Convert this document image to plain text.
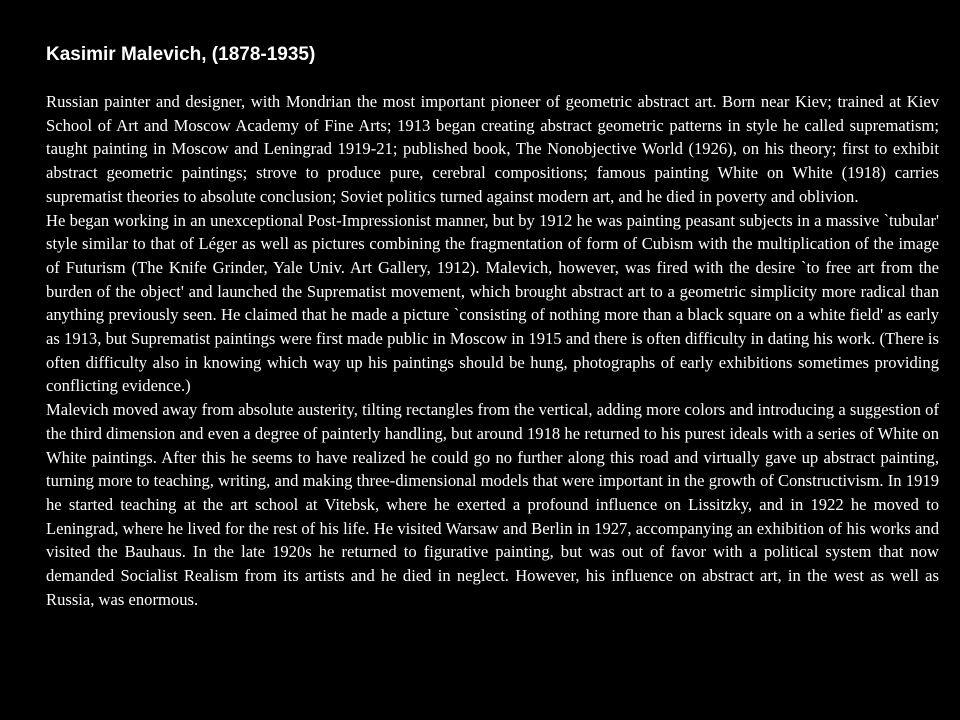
Kasimir Malevich, (1878-1935)

Russian painter and designer, with Mondrian the most important pioneer of geometric abstract art. Born near Kiev; trained at Kiev School of Art and Moscow Academy of Fine Arts; 1913 began creating abstract geometric patterns in style he called suprematism; taught painting in Moscow and Leningrad 1919-21; published book, The Nonobjective World (1926), on his theory; first to exhibit abstract geometric paintings; strove to produce pure, cerebral compositions; famous painting White on White (1918) carries suprematist theories to absolute conclusion; Soviet politics turned against modern art, and he died in poverty and oblivion.

He began working in an unexceptional Post-Impressionist manner, but by 1912 he was painting peasant subjects in a massive `tubular' style similar to that of Léger as well as pictures combining the fragmentation of form of Cubism with the multiplication of the image of Futurism (The Knife Grinder, Yale Univ. Art Gallery, 1912). Malevich, however, was fired with the desire `to free art from the burden of the object' and launched the Suprematist movement, which brought abstract art to a geometric simplicity more radical than anything previously seen. He claimed that he made a picture `consisting of nothing more than a black square on a white field' as early as 1913, but Suprematist paintings were first made public in Moscow in 1915 and there is often difficulty in dating his work. (There is often difficulty also in knowing which way up his paintings should be hung, photographs of early exhibitions sometimes providing conflicting evidence.)

Malevich moved away from absolute austerity, tilting rectangles from the vertical, adding more colors and introducing a suggestion of the third dimension and even a degree of painterly handling, but around 1918 he returned to his purest ideals with a series of White on White paintings. After this he seems to have realized he could go no further along this road and virtually gave up abstract painting, turning more to teaching, writing, and making three-dimensional models that were important in the growth of Constructivism. In 1919 he started teaching at the art school at Vitebsk, where he exerted a profound influence on Lissitzky, and in 1922 he moved to Leningrad, where he lived for the rest of his life. He visited Warsaw and Berlin in 1927, accompanying an exhibition of his works and visited the Bauhaus. In the late 1920s he returned to figurative painting, but was out of favor with a political system that now demanded Socialist Realism from its artists and he died in neglect. However, his influence on abstract art, in the west as well as Russia, was enormous.
